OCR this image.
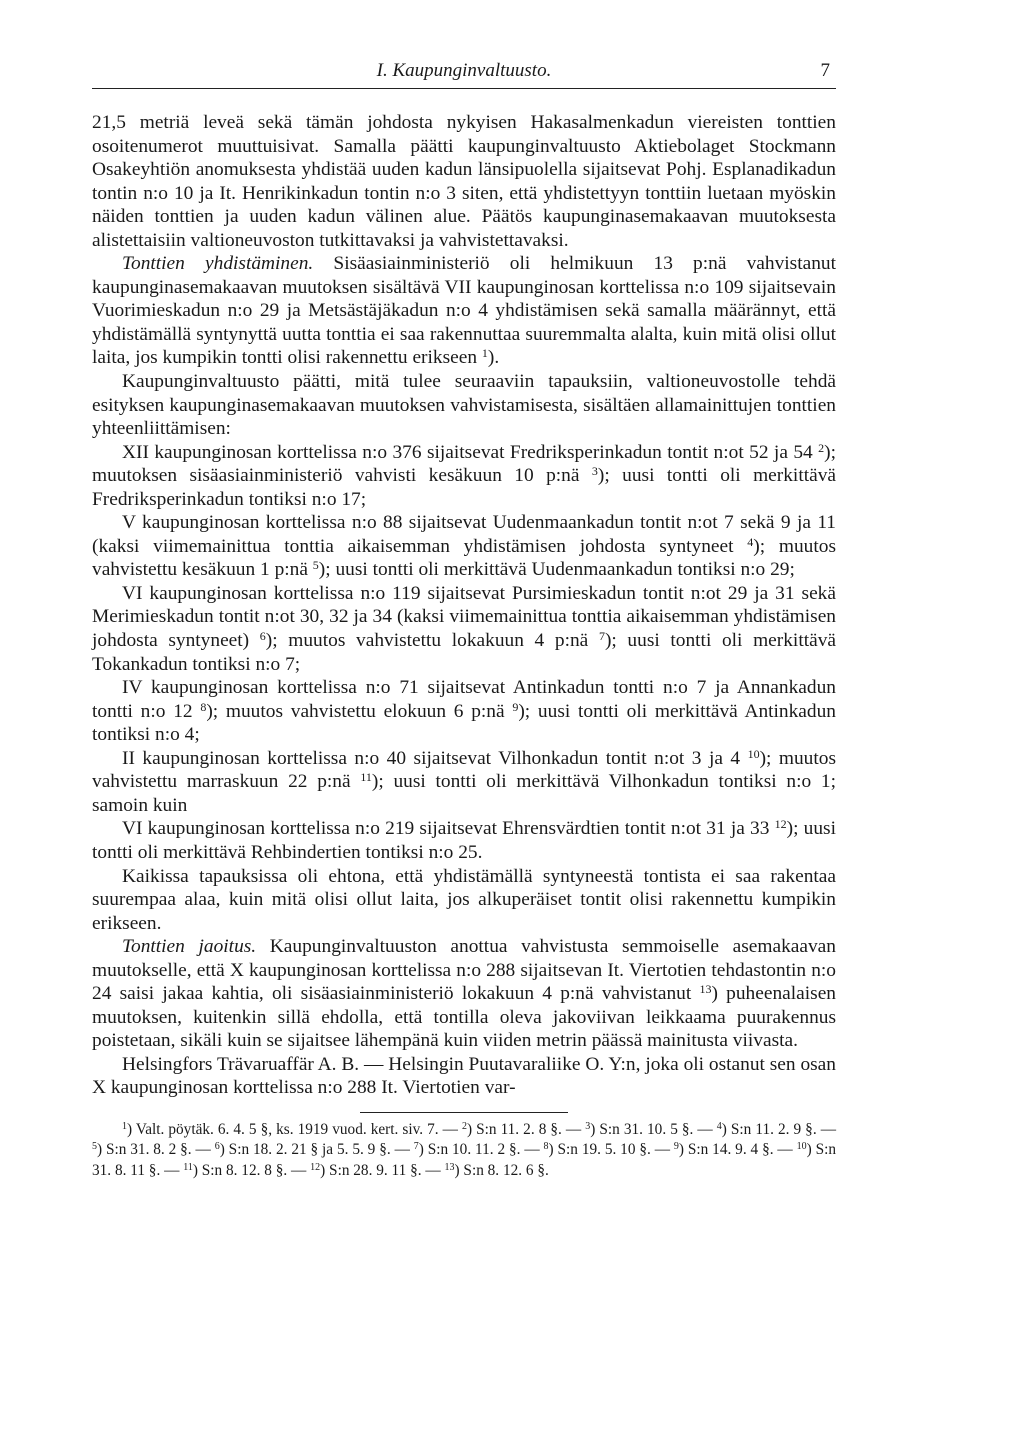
I. Kaupunginvaltuusto.	7

21,5 metriä leveä sekä tämän johdosta nykyisen Hakasalmenkadun viereisten tonttien osoitenumerot muuttuisivat. Samalla päätti kaupunginvaltuusto Aktiebolaget Stockmann Osakeyhtiön anomuksesta yhdistää uuden kadun länsipuolella sijaitsevat Pohj. Esplanadikadun tontin n:o 10 ja It. Henrikinkadun tontin n:o 3 siten, että yhdistettyyn tonttiin luetaan myöskin näiden tonttien ja uuden kadun välinen alue. Päätös kaupunginasemakaavan muutoksesta alistettaisiin valtioneuvoston tutkittavaksi ja vahvistettavaksi.

Tonttien yhdistäminen. Sisäasiainministeriö oli helmikuun 13 p:nä vahvistanut kaupunginasemakaavan muutoksen sisältävä VII kaupunginosan korttelissa n:o 109 sijaitsevain Vuorimieskadun n:o 29 ja Metsästäjäkadun n:o 4 yhdistämisen sekä samalla määrännyt, että yhdistämällä syntynyttä uutta tonttia ei saa rakennuttaa suuremmalta alalta, kuin mitä olisi ollut laita, jos kumpikin tontti olisi rakennettu erikseen $^1$).

Kaupunginvaltuusto päätti, mitä tulee seuraaviin tapauksiin, valtioneuvostolle tehdä esityksen kaupunginasemakaavan muutoksen vahvistamisesta, sisältäen allamainittujen tonttien yhteenliittämisen:

XII kaupunginosan korttelissa n:o 376 sijaitsevat Fredriksperinkadun tontit n:ot 52 ja 54 $^2$); muutoksen sisäasiainministeriö vahvisti kesäkuun 10 p:nä $^3$); uusi tontti oli merkittävä Fredriksperinkadun tontiksi n:o 17;

V kaupunginosan korttelissa n:o 88 sijaitsevat Uudenmaankadun tontit n:ot 7 sekä 9 ja 11 (kaksi viimemainittua tonttia aikaisemman yhdistämisen johdosta syntyneet $^4$); muutos vahvistettu kesäkuun 1 p:nä $^5$); uusi tontti oli merkittävä Uudenmaankadun tontiksi n:o 29;

VI kaupunginosan korttelissa n:o 119 sijaitsevat Pursimieskadun tontit n:ot 29 ja 31 sekä Merimieskadun tontit n:ot 30, 32 ja 34 (kaksi viimemainittua tonttia aikaisemman yhdistämisen johdosta syntyneet) $^6$); muutos vahvistettu lokakuun 4 p:nä $^7$); uusi tontti oli merkittävä Tokankadun tontiksi n:o 7;

IV kaupunginosan korttelissa n:o 71 sijaitsevat Antinkadun tontti n:o 7 ja Annankadun tontti n:o 12 $^8$); muutos vahvistettu elokuun 6 p:nä $^9$); uusi tontti oli merkittävä Antinkadun tontiksi n:o 4;

II kaupunginosan korttelissa n:o 40 sijaitsevat Vilhonkadun tontit n:ot 3 ja 4 $^{10}$); muutos vahvistettu marraskuun 22 p:nä $^{11}$); uusi tontti oli merkittävä Vilhonkadun tontiksi n:o 1; samoin kuin

VI kaupunginosan korttelissa n:o 219 sijaitsevat Ehrensvärdtien tontit n:ot 31 ja 33 $^{12}$); uusi tontti oli merkittävä Rehbindertien tontiksi n:o 25.

Kaikissa tapauksissa oli ehtona, että yhdistämällä syntyneestä tontista ei saa rakentaa suurempaa alaa, kuin mitä olisi ollut laita, jos alkuperäiset tontit olisi rakennettu kumpikin erikseen.

Tonttien jaoitus. Kaupunginvaltuuston anottua vahvistusta semmoiselle asemakaavan muutokselle, että X kaupunginosan korttelissa n:o 288 sijaitsevan It. Viertotien tehdastontin n:o 24 saisi jakaa kahtia, oli sisäasiainministeriö lokakuun 4 p:nä vahvistanut $^{13}$) puheenalaisen muutoksen, kuitenkin sillä ehdolla, että tontilla oleva jakoviivan leikkaama puurakennus poistetaan, sikäli kuin se sijaitsee lähempänä kuin viiden metrin päässä mainitusta viivasta.

Helsingfors Trävaruaffär A. B. — Helsingin Puutavaraliike O. Y:n, joka oli ostanut sen osan X kaupunginosan korttelissa n:o 288 It. Viertotien var-

$^1$) Valt. pöytäk. 6. 4. 5 §, ks. 1919 vuod. kert. siv. 7. — $^2$) S:n 11. 2. 8 §. — $^3$) S:n 31. 10. 5 §. — $^4$) S:n 11. 2. 9 §. — $^5$) S:n 31. 8. 2 §. — $^6$) S:n 18. 2. 21 § ja 5. 5. 9 §. — $^7$) S:n 10. 11. 2 §. — $^8$) S:n 19. 5. 10 §. — $^9$) S:n 14. 9. 4 §. — $^{10}$) S:n 31. 8. 11 §. — $^{11}$) S:n 8. 12. 8 §. — $^{12}$) S:n 28. 9. 11 §. — $^{13}$) S:n 8. 12. 6 §.
